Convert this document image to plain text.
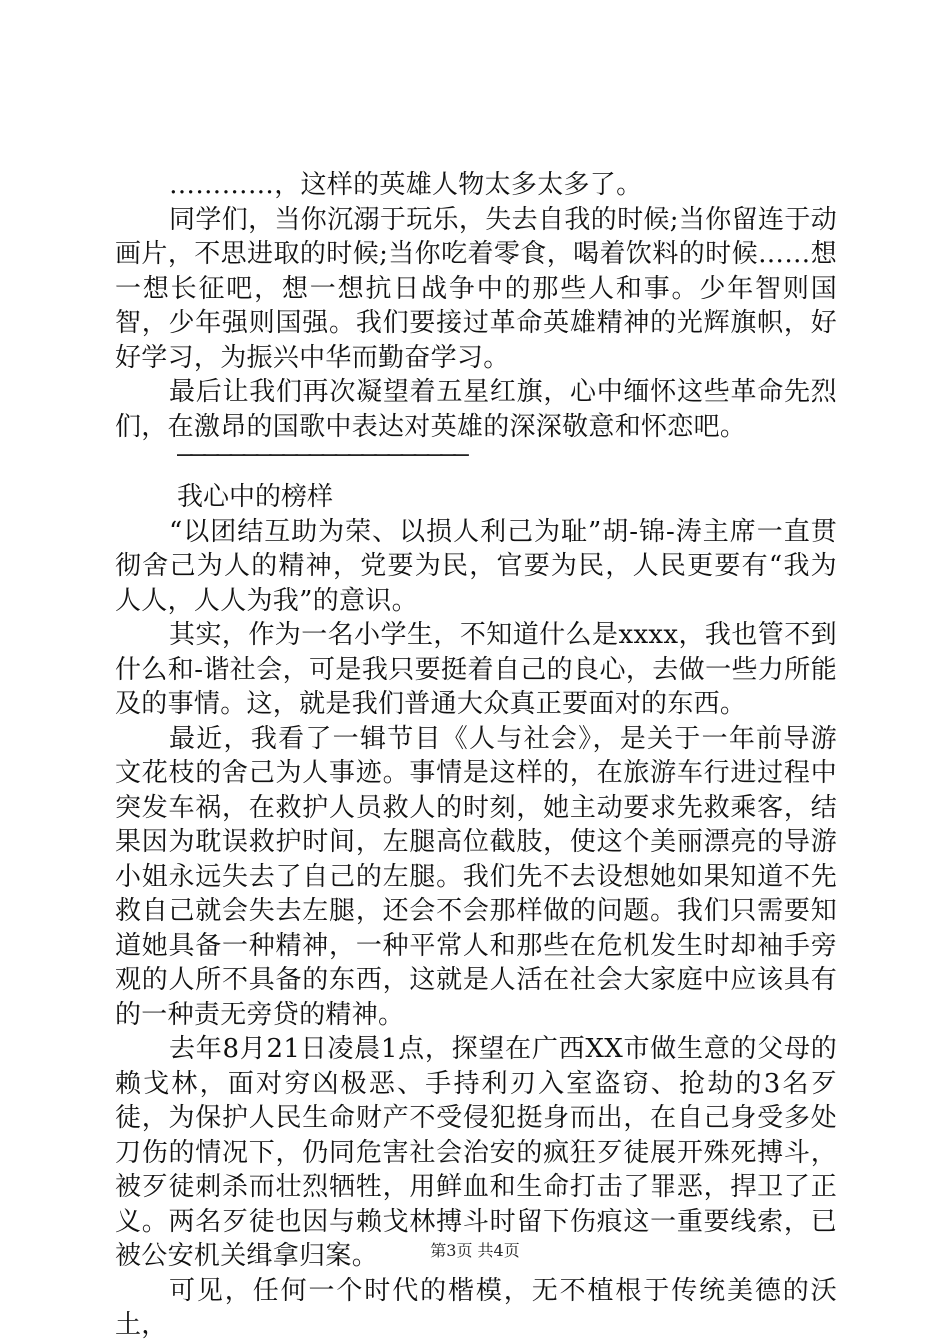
…………，这样的英雄人物太多太多了。

同学们，当你沉溺于玩乐，失去自我的时候;当你留连于动画片，不思进取的时候;当你吃着零食，喝着饮料的时候……想一想长征吧，想一想抗日战争中的那些人和事。少年智则国智，少年强则国强。我们要接过革命英雄精神的光辉旗帜，好好学习，为振兴中华而勤奋学习。

最后让我们再次凝望着五星红旗，心中缅怀这些革命先烈们，在激昂的国歌中表达对英雄的深深敬意和怀恋吧。

——————————————————————

我心中的榜样

“以团结互助为荣、以损人利己为耻”胡-锦-涛主席一直贯彻舍己为人的精神，党要为民，官要为民，人民更要有“我为人人，人人为我”的意识。

其实，作为一名小学生，不知道什么是xxxx，我也管不到什么和-谐社会，可是我只要挺着自己的良心，去做一些力所能及的事情。这，就是我们普通大众真正要面对的东西。

最近，我看了一辑节目《人与社会》，是关于一年前导游文花枝的舍己为人事迹。事情是这样的，在旅游车行进过程中突发车祸，在救护人员救人的时刻，她主动要求先救乘客，结果因为耽误救护时间，左腿高位截肢，使这个美丽漂亮的导游小姐永远失去了自己的左腿。我们先不去设想她如果知道不先救自己就会失去左腿，还会不会那样做的问题。我们只需要知道她具备一种精神，一种平常人和那些在危机发生时却袖手旁观的人所不具备的东西，这就是人活在社会大家庭中应该具有的一种责无旁贷的精神。

去年8月21日凌晨1点，探望在广西XX市做生意的父母的赖戈林，面对穷凶极恶、手持利刃入室盗窃、抢劫的3名歹徒，为保护人民生命财产不受侵犯挺身而出，在自己身受多处刀伤的情况下，仍同危害社会治安的疯狂歹徒展开殊死搏斗，被歹徒刺杀而壮烈牺牲，用鲜血和生命打击了罪恶，捍卫了正义。两名歹徒也因与赖戈林搏斗时留下伤痕这一重要线索，已被公安机关缉拿归案。

可见，任何一个时代的楷模，无不植根于传统美德的沃土，

第3页 共4页
